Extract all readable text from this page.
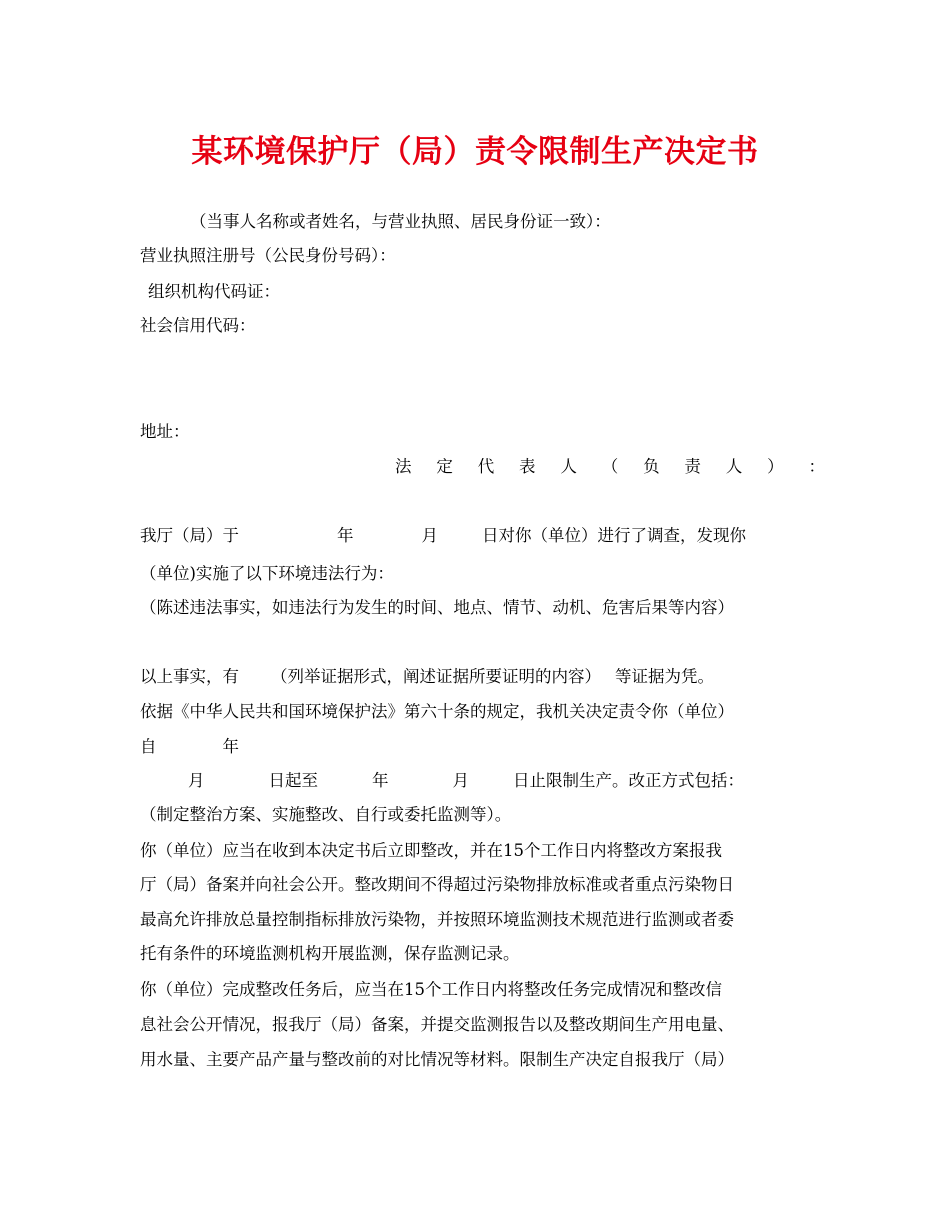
某环境保护厅（局）责令限制生产决定书
（当事人名称或者姓名，与营业执照、居民身份证一致）：
营业执照注册号（公民身份号码）：
组织机构代码证：
社会信用代码：
地址：
法 定 代 表 人 （ 负 责 人 ） ：
我厅（局）于	年	月	日对你（单位）进行了调查，发现你
（单位)实施了以下环境违法行为：
（陈述违法事实，如违法行为发生的时间、地点、情节、动机、危害后果等内容）
以上事实，有 （列举证据形式，阐述证据所要证明的内容） 等证据为凭。
依据《中华人民共和国环境保护法》第六十条的规定，我机关决定责令你（单位）
自	年
月	日起至	年	月	日止限制生产。改正方式包括：
（制定整治方案、实施整改、自行或委托监测等）。
你（单位）应当在收到本决定书后立即整改，并在15个工作日内将整改方案报我
厅（局）备案并向社会公开。整改期间不得超过污染物排放标准或者重点污染物日
最高允许排放总量控制指标排放污染物，并按照环境监测技术规范进行监测或者委
托有条件的环境监测机构开展监测，保存监测记录。
你（单位）完成整改任务后，应当在15个工作日内将整改任务完成情况和整改信
息社会公开情况，报我厅（局）备案，并提交监测报告以及整改期间生产用电量、
用水量、主要产品产量与整改前的对比情况等材料。限制生产决定自报我厅（局）
